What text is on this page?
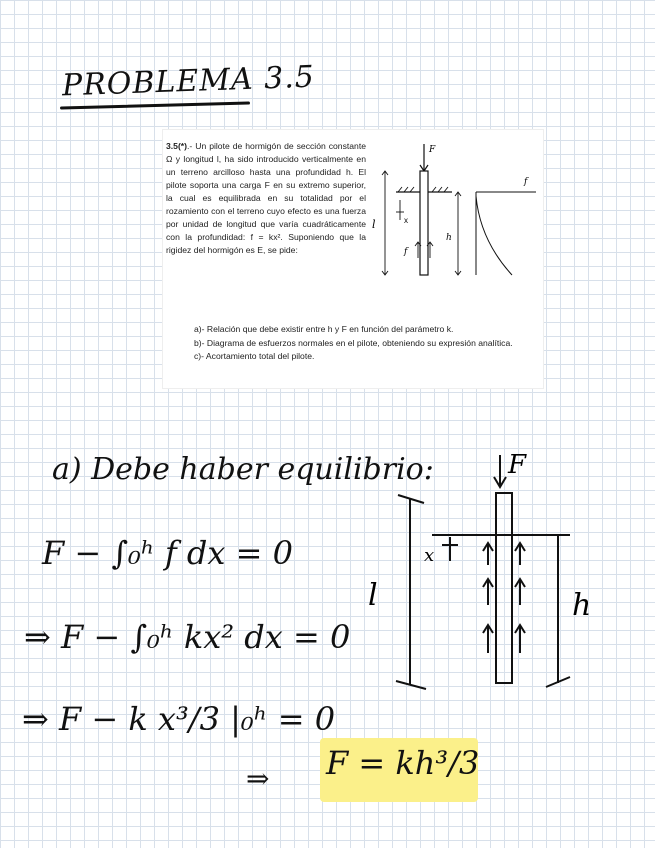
PROBLEMA 3.5
3.5(*).- Un pilote de hormigón de sección constante Ω y longitud l, ha sido introducido verticalmente en un terreno arcilloso hasta una profundidad h. El pilote soporta una carga F en su extremo superior, la cual es equilibrada en su totalidad por el rozamiento con el terreno cuyo efecto es una fuerza por unidad de longitud que varía cuadráticamente con la profundidad: f = kx². Suponiendo que la rigidez del hormigón es E, se pide:
F
l
h
x
f
f
a)- Relación que debe existir entre h y F en función del parámetro k.
b)- Diagrama de esfuerzos normales en el pilote, obteniendo su expresión analítica.
c)- Acortamiento total del pilote.
a) Debe haber equilibrio:
F − ∫₀ʰ f dx = 0
⇒ F − ∫₀ʰ kx² dx = 0
⇒ F − k x³/3 |₀ʰ = 0
⇒ F = kh³/3
F
l	h
x
